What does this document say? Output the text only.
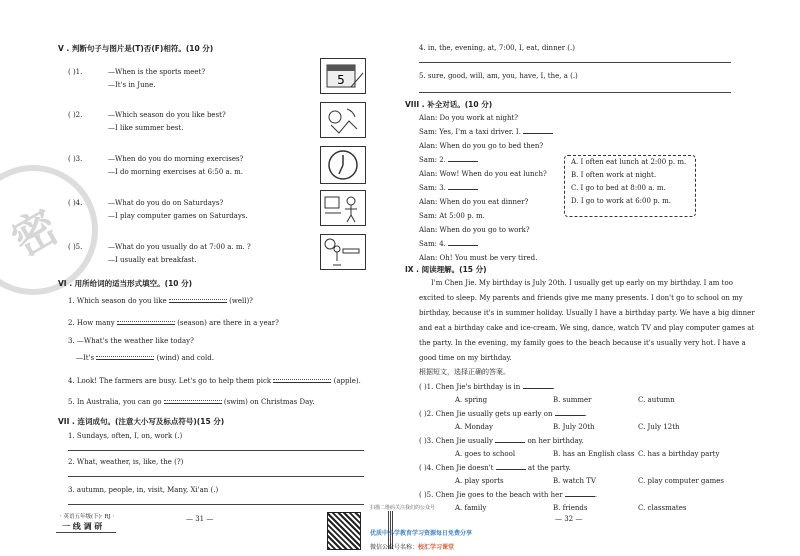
密
V . 判断句子与图片是(T)否(F)相符。(10 分)
( )1.	—When is the sports meet?
—It's in June.	5
( )2.	—Which season do you like best?
—I like summer best.
( )3.	—When do you do morning exercises?
—I do morning exercises at 6:50 a. m.
( )4.	—What do you do on Saturdays?
—I play computer games on Saturdays.
( )5.	—What do you usually do at 7:00 a. m. ?
—I usually eat breakfast.
VI . 用所给词的适当形式填空。(10 分)
1. Which season do you like	(well)?
2. How many	(season) are there in a year?
3. —What's the weather like today?
—It's	(wind) and cold.
4. Look! The farmers are busy. Let's go to help them pick	(apple).
5. In Australia, you can go	(swim) on Christmas Day.
VII . 连词成句。(注意大小写及标点符号)(15 分)
1. Sundays, often, I, on, work (.)
2. What, weather, is, like, the (?)
3. autumn, people, in, visit, Many, Xi'an (.)
· 英语五年级(下)· RJ ·
一 线 调 研
— 31 —
扫描二维码关注我们的公众号
优质中小学教育学习资源每日免费分享
微信公众号名称：校汇学习课堂
4. in, the, evening, at, 7:00, I, eat, dinner (.)
5. sure, good, will, am, you, have, I, the, a (.)
VIII . 补全对话。(10 分)
Alan: Do you work at night?
Sam: Yes, I'm a taxi driver. I.
Alan: When do you go to bed then?
Sam: 2.
Alan: Wow! When do you eat lunch?
Sam: 3.
Alan: When do you eat dinner?
Sam: At 5:00 p. m.
Alan: When do you go to work?
Sam: 4.
Alan: Oh! You must be very tired.
A. I often eat lunch at 2:00 p. m.
B. I often work at night.
C. I go to bed at 8:00 a. m.
D. I go to work at 6:00 p. m.
IX . 阅读理解。(15 分)
I'm Chen Jie. My birthday is July 20th. I usually get up early on my birthday. I am too
excited to sleep. My parents and friends give me many presents. I don't go to school on my
birthday, because it's in summer holiday. Usually I have a birthday party. We have a big dinner
and eat a birthday cake and ice-cream. We sing, dance, watch TV and play computer games at
the party. In the evening, my family goes to the beach because it's usually very hot. I have a
good time on my birthday.
根据短文，选择正确的答案。
( )1. Chen Jie's birthday is in	.
A. spring	B. summer	C. autumn
( )2. Chen Jie usually gets up early on	.
A. Monday	B. July 20th	C. July 12th
( )3. Chen Jie usually	on her birthday.
A. goes to school	B. has an English class C. has a birthday party
( )4. Chen Jie doesn't	at the party.
A. play sports	B. watch TV	C. play computer games
( )5. Chen Jie goes to the beach with her	.
A. family	B. friends	C. classmates
— 32 —
